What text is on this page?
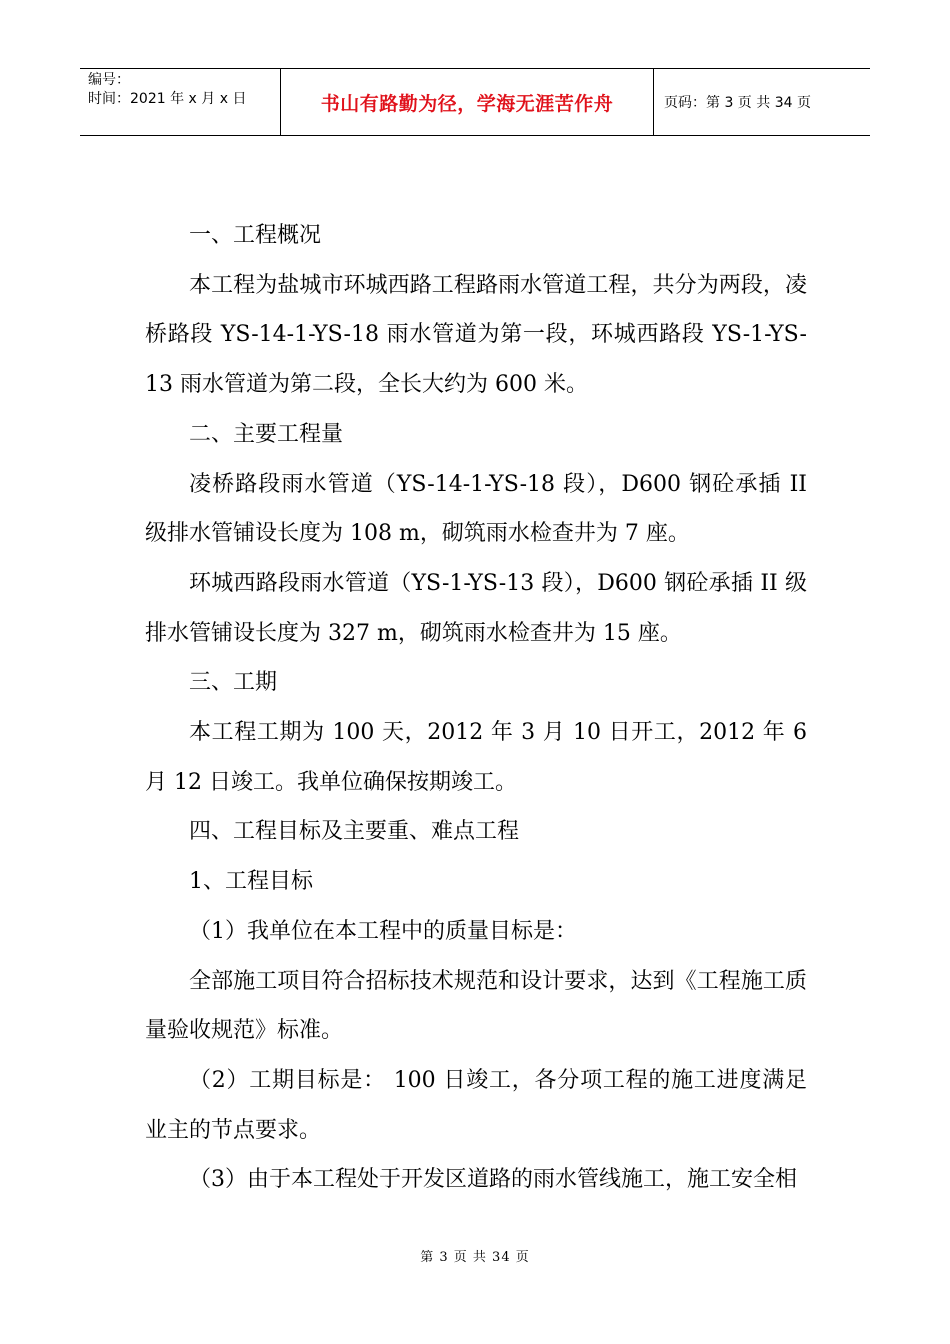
编号：
时间：2021 年 x 月 x 日	书山有路勤为径，学海无涯苦作舟	页码：第 3 页 共 34 页

一、工程概况

本工程为盐城市环城西路工程路雨水管道工程，共分为两段，凌桥路段 YS-14-1-YS-18 雨水管道为第一段，环城西路段 YS-1-YS-13 雨水管道为第二段，全长大约为 600 米。

二、主要工程量

凌桥路段雨水管道（YS-14-1-YS-18 段），D600 钢砼承插 II 级排水管铺设长度为 108 m，砌筑雨水检查井为 7 座。

环城西路段雨水管道（YS-1-YS-13 段），D600 钢砼承插 II 级排水管铺设长度为 327 m，砌筑雨水检查井为 15 座。

三、工期

本工程工期为 100 天，2012 年 3 月 10 日开工，2012 年 6 月 12 日竣工。我单位确保按期竣工。

四、工程目标及主要重、难点工程

1、工程目标

（1）我单位在本工程中的质量目标是：

全部施工项目符合招标技术规范和设计要求，达到《工程施工质量验收规范》标准。

（2）工期目标是： 100 日竣工，各分项工程的施工进度满足业主的节点要求。

（3）由于本工程处于开发区道路的雨水管线施工，施工安全相

第 3 页 共 34 页
